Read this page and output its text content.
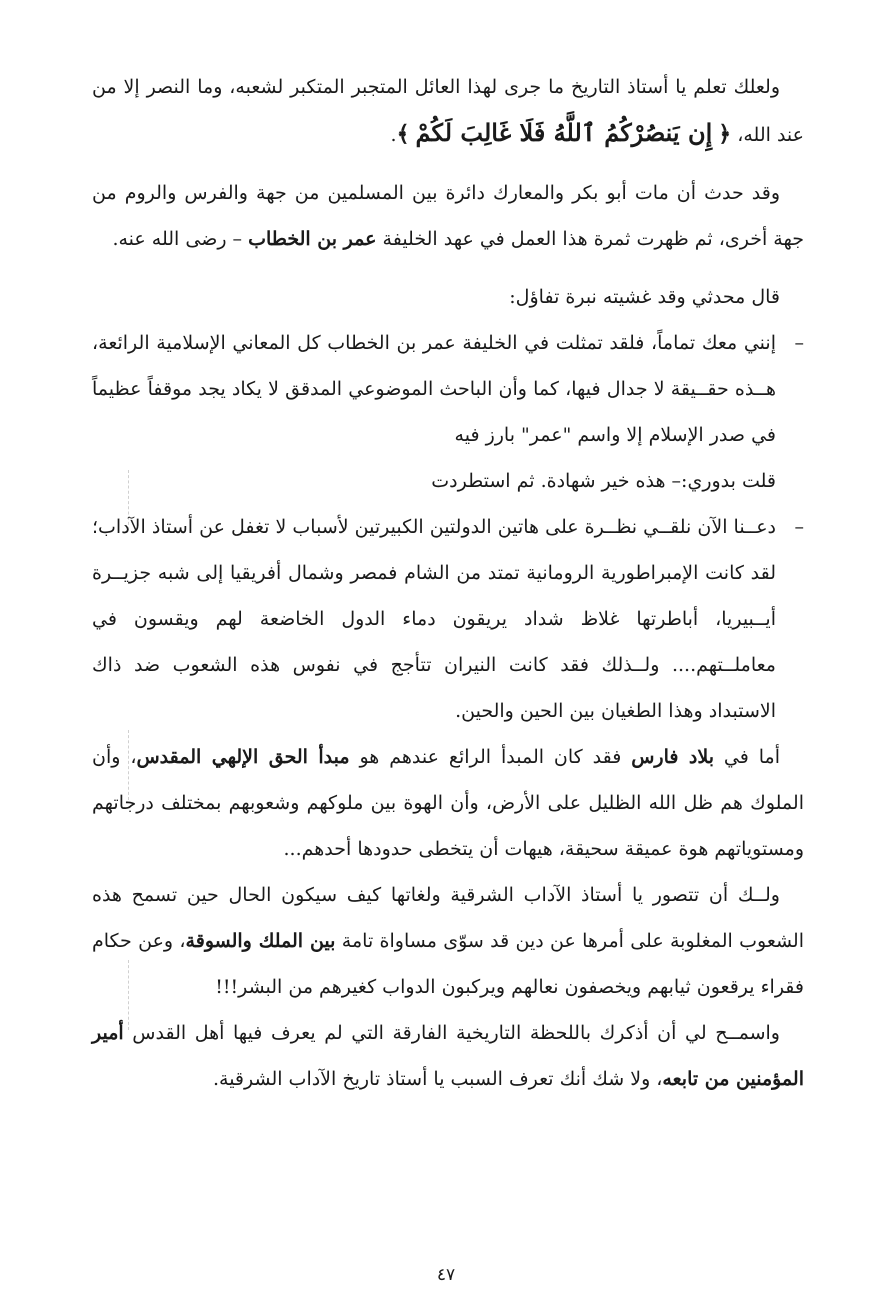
ولعلك تعلم يا أستاذ التاريخ ما جرى لهذا العائل المتجبر المتكبر لشعبه، وما النصر إلا من عند الله، ﴿ إِن يَنصُرْكُمُ ٱللَّهُ فَلَا غَالِبَ لَكُمْ ﴾.

وقد حدث أن مات أبو بكر والمعارك دائرة بين المسلمين من جهة والفرس والروم من جهة أخرى، ثم ظهرت ثمرة هذا العمل في عهد الخليفة عمر بن الخطاب – رضى الله عنه.

قال محدثي وقد غشيته نبرة تفاؤل:

–
إنني معك تماماً، فلقد تمثلت في الخليفة عمر بن الخطاب كل المعاني الإسلامية الرائعة، هــذه حقــيقة لا جدال فيها، كما وأن الباحث الموضوعي المدقق لا يكاد يجد موقفاً عظيماً في صدر الإسلام إلا واسم "عمر" بارز فيه

قلت بدوري:– هذه خير شهادة. ثم استطردت

–
دعــنا الآن نلقــي نظــرة على هاتين الدولتين الكبيرتين لأسباب لا تغفل عن أستاذ الآداب؛ لقد كانت الإمبراطورية الرومانية تمتد من الشام فمصر وشمال أفريقيا إلى شبه جزيــرة أيــبيريا، أباطرتها غلاظ شداد يريقون دماء الدول الخاضعة لهم ويقسون في معاملــتهم.... ولــذلك فقد كانت النيران تتأجج في نفوس هذه الشعوب ضد ذاك الاستبداد وهذا الطغيان بين الحين والحين.

أما في بلاد فارس فقد كان المبدأ الرائع عندهم هو مبدأ الحق الإلهي المقدس، وأن الملوك هم ظل الله الظليل على الأرض، وأن الهوة بين ملوكهم وشعوبهم بمختلف درجاتهم ومستوياتهم هوة عميقة سحيقة، هيهات أن يتخطى حدودها أحدهم...

ولــك أن تتصور يا أستاذ الآداب الشرقية ولغاتها كيف سيكون الحال حين تسمح هذه الشعوب المغلوبة على أمرها عن دين قد سوّى مساواة تامة بين الملك والسوقة، وعن حكام فقراء يرقعون ثيابهم ويخصفون نعالهم ويركبون الدواب كغيرهم من البشر!!!

واسمــح لي أن أذكرك باللحظة التاريخية الفارقة التي لم يعرف فيها أهل القدس أمير المؤمنين من تابعه، ولا شك أنك تعرف السبب يا أستاذ تاريخ الآداب الشرقية.

٤٧
